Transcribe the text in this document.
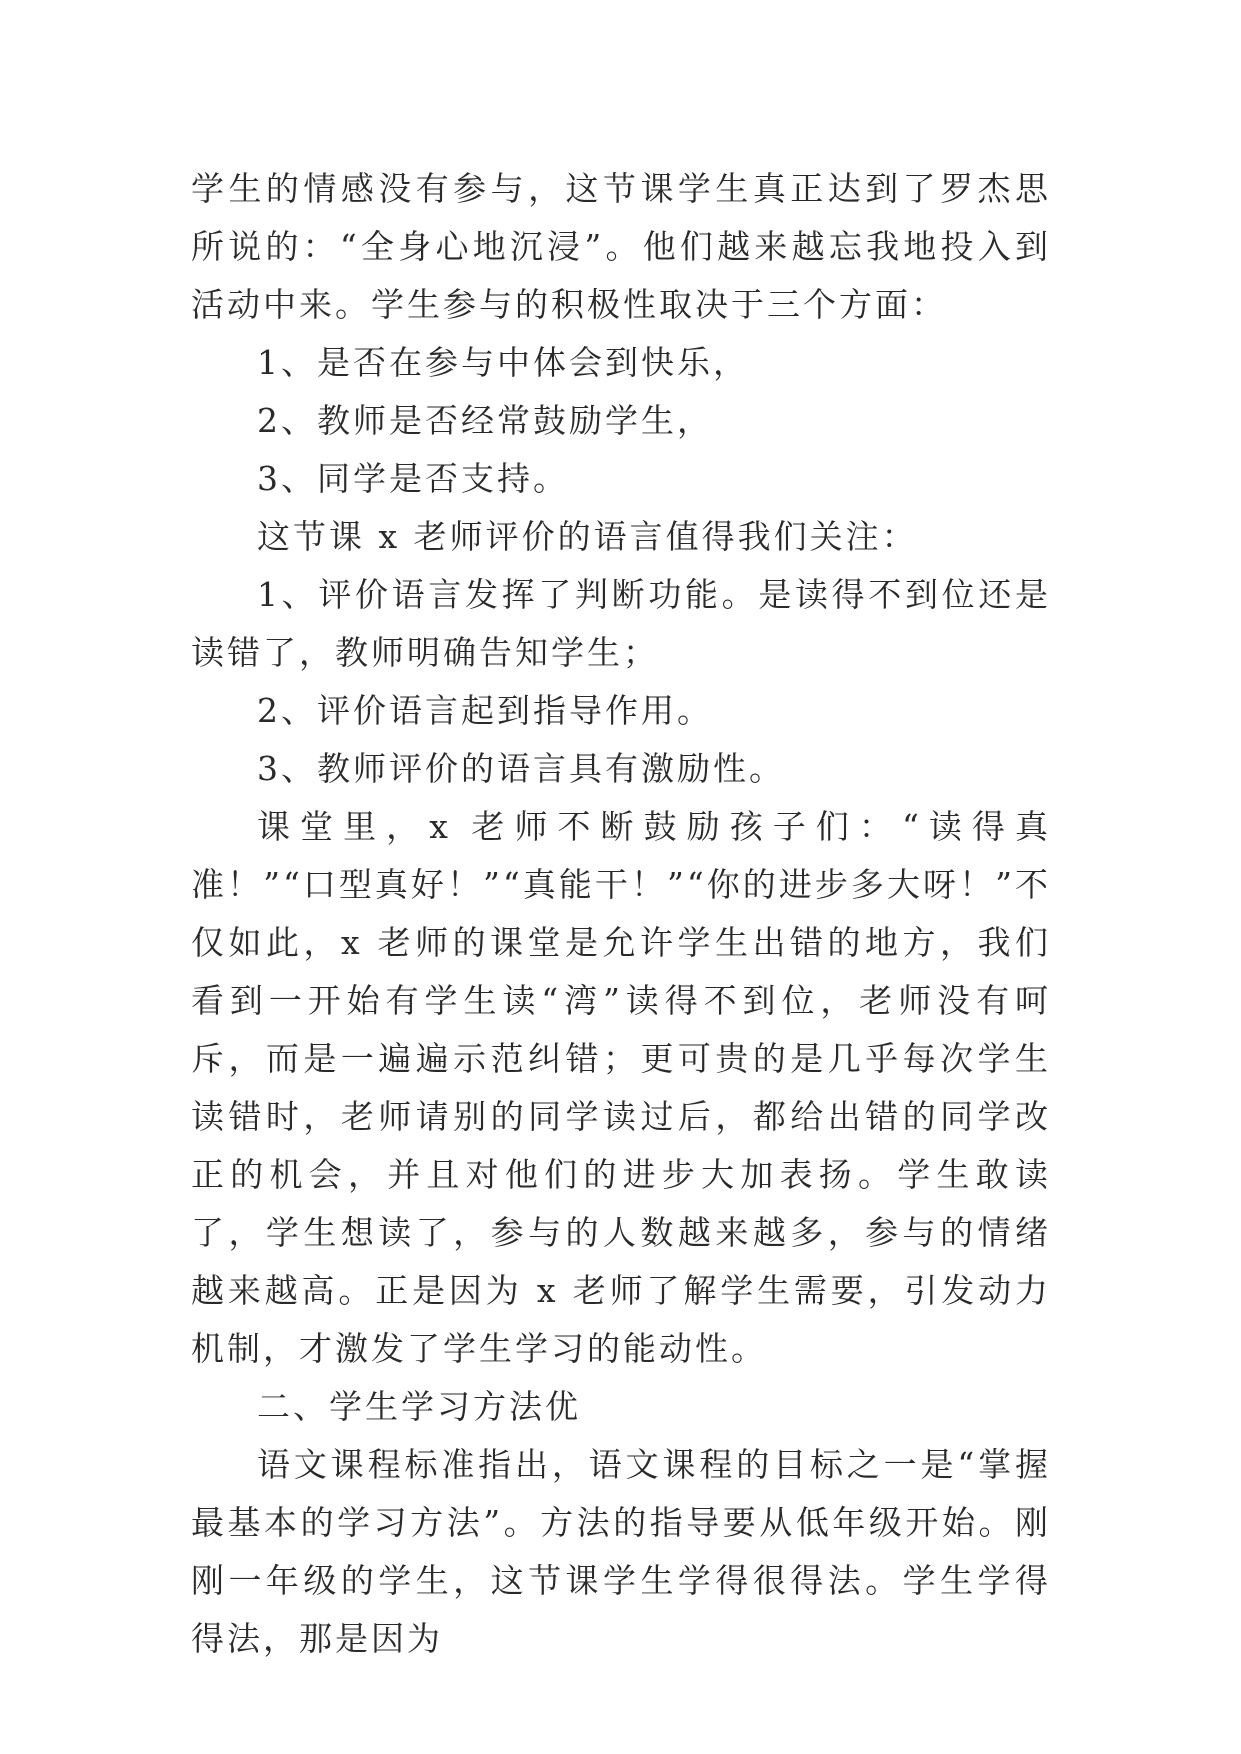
学生的情感没有参与，这节课学生真正达到了罗杰思所说的：“全身心地沉浸”。他们越来越忘我地投入到活动中来。学生参与的积极性取决于三个方面：

1、是否在参与中体会到快乐，

2、教师是否经常鼓励学生，

3、同学是否支持。

这节课 x 老师评价的语言值得我们关注：

1、评价语言发挥了判断功能。是读得不到位还是读错了，教师明确告知学生；

2、评价语言起到指导作用。

3、教师评价的语言具有激励性。

课堂里，x 老师不断鼓励孩子们：“读得真准！”“口型真好！”“真能干！”“你的进步多大呀！”不仅如此，x 老师的课堂是允许学生出错的地方，我们看到一开始有学生读“湾”读得不到位，老师没有呵斥，而是一遍遍示范纠错；更可贵的是几乎每次学生读错时，老师请别的同学读过后，都给出错的同学改正的机会，并且对他们的进步大加表扬。学生敢读了，学生想读了，参与的人数越来越多，参与的情绪越来越高。正是因为 x 老师了解学生需要，引发动力机制，才激发了学生学习的能动性。

二、学生学习方法优

语文课程标准指出，语文课程的目标之一是“掌握最基本的学习方法”。方法的指导要从低年级开始。刚刚一年级的学生，这节课学生学得很得法。学生学得得法，那是因为
